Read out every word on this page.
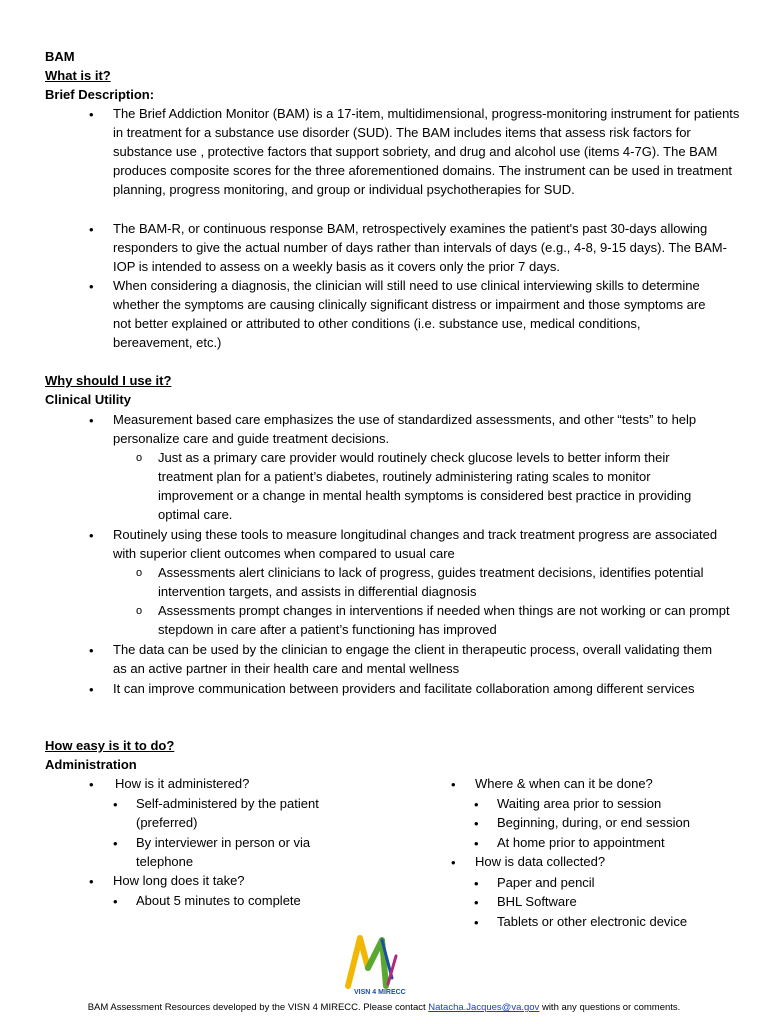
BAM
What is it?
Brief Description:
• The Brief Addiction Monitor (BAM) is a 17-item, multidimensional, progress-monitoring instrument for patients in treatment for a substance use disorder (SUD). The BAM includes items that assess risk factors for substance use , protective factors that support sobriety, and drug and alcohol use (items 4-7G). The BAM produces composite scores for the three aforementioned domains. The instrument can be used in treatment planning, progress monitoring, and group or individual psychotherapies for SUD.
• The BAM-R, or continuous response BAM, retrospectively examines the patient's past 30-days allowing responders to give the actual number of days rather than intervals of days (e.g., 4-8, 9-15 days). The BAM-IOP is intended to assess on a weekly basis as it covers only the prior 7 days.
• When considering a diagnosis, the clinician will still need to use clinical interviewing skills to determine whether the symptoms are causing clinically significant distress or impairment and those symptoms are not better explained or attributed to other conditions (i.e. substance use, medical conditions, bereavement, etc.)
Why should I use it?
Clinical Utility
• Measurement based care emphasizes the use of standardized assessments, and other “tests” to help personalize care and guide treatment decisions.
o Just as a primary care provider would routinely check glucose levels to better inform their treatment plan for a patient’s diabetes, routinely administering rating scales to monitor improvement or a change in mental health symptoms is considered best practice in providing optimal care.
• Routinely using these tools to measure longitudinal changes and track treatment progress are associated with superior client outcomes when compared to usual care
o Assessments alert clinicians to lack of progress, guides treatment decisions, identifies potential intervention targets, and assists in differential diagnosis
o Assessments prompt changes in interventions if needed when things are not working or can prompt stepdown in care after a patient’s functioning has improved
• The data can be used by the clinician to engage the client in therapeutic process, overall validating them as an active partner in their health care and mental wellness
• It can improve communication between providers and facilitate collaboration among different services
How easy is it to do?
Administration
• How is it administered?
• Self-administered by the patient (preferred)
• By interviewer in person or via telephone
• How long does it take?
• About 5 minutes to complete
• Where & when can it be done?
• Waiting area prior to session
• Beginning, during, or end session
• At home prior to appointment
• How is data collected?
• Paper and pencil
• BHL Software
• Tablets or other electronic device
VISN 4 MIRECC
BAM Assessment Resources developed by the VISN 4 MIRECC. Please contact Natacha.Jacques@va.gov with any questions or comments.
